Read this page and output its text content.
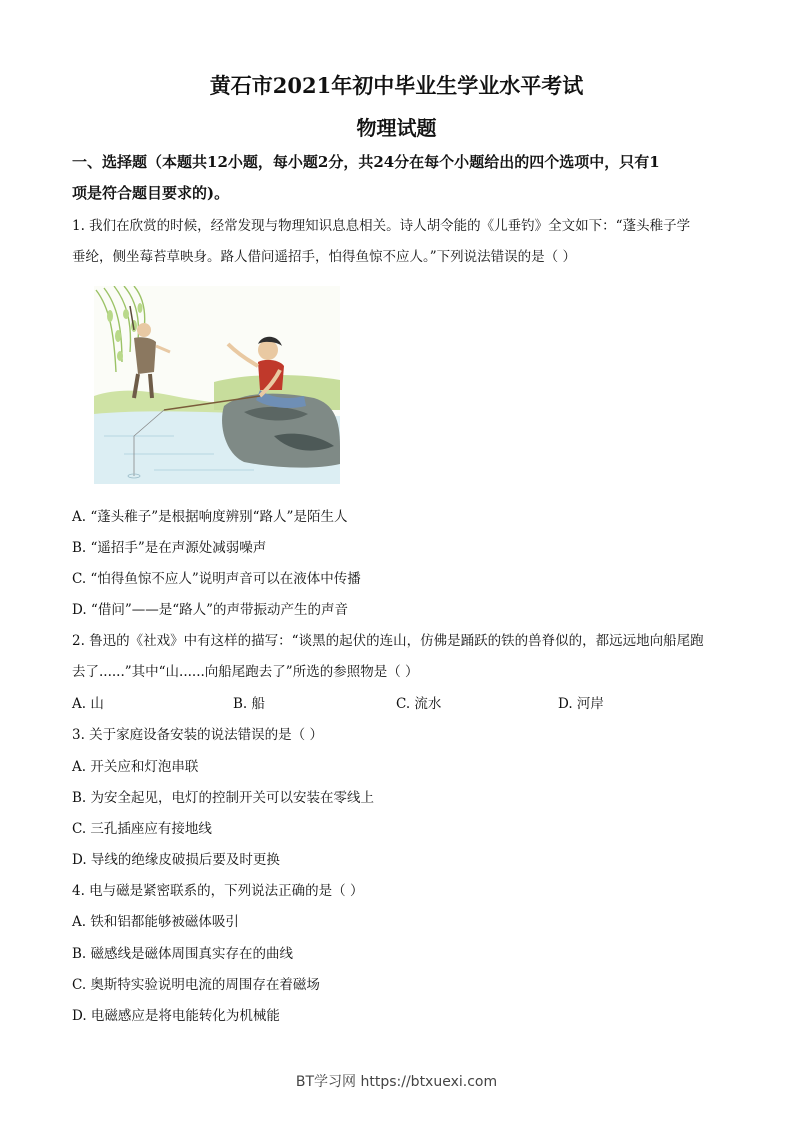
黄石市2021年初中毕业生学业水平考试
物理试题
一、选择题（本题共12小题，每小题2分，共24分在每个小题给出的四个选项中，只有1
项是符合题目要求的)。
1. 我们在欣赏的时候，经常发现与物理知识息息相关。诗人胡令能的《儿垂钓》全文如下：“蓬头稚子学
垂纶，侧坐莓苔草映身。路人借问遥招手，怕得鱼惊不应人。”下列说法错误的是（ ）
A. “蓬头稚子”是根据响度辨别“路人”是陌生人
B. “遥招手”是在声源处减弱噪声
C. “怕得鱼惊不应人”说明声音可以在液体中传播
D. “借问”——是“路人”的声带振动产生的声音
2. 鲁迅的《社戏》中有这样的描写：“谈黑的起伏的连山，仿佛是踊跃的铁的兽脊似的，都远远地向船尾跑
去了......”其中“山......向船尾跑去了”所选的参照物是（ ）
A. 山	B. 船	C. 流水	D. 河岸
3. 关于家庭设备安装的说法错误的是（ ）
A. 开关应和灯泡串联
B. 为安全起见，电灯的控制开关可以安装在零线上
C. 三孔插座应有接地线
D. 导线的绝缘皮破损后要及时更换
4. 电与磁是紧密联系的，下列说法正确的是（ ）
A. 铁和铝都能够被磁体吸引
B. 磁感线是磁体周围真实存在的曲线
C. 奥斯特实验说明电流的周围存在着磁场
D. 电磁感应是将电能转化为机械能
BT学习网 https://btxuexi.com
